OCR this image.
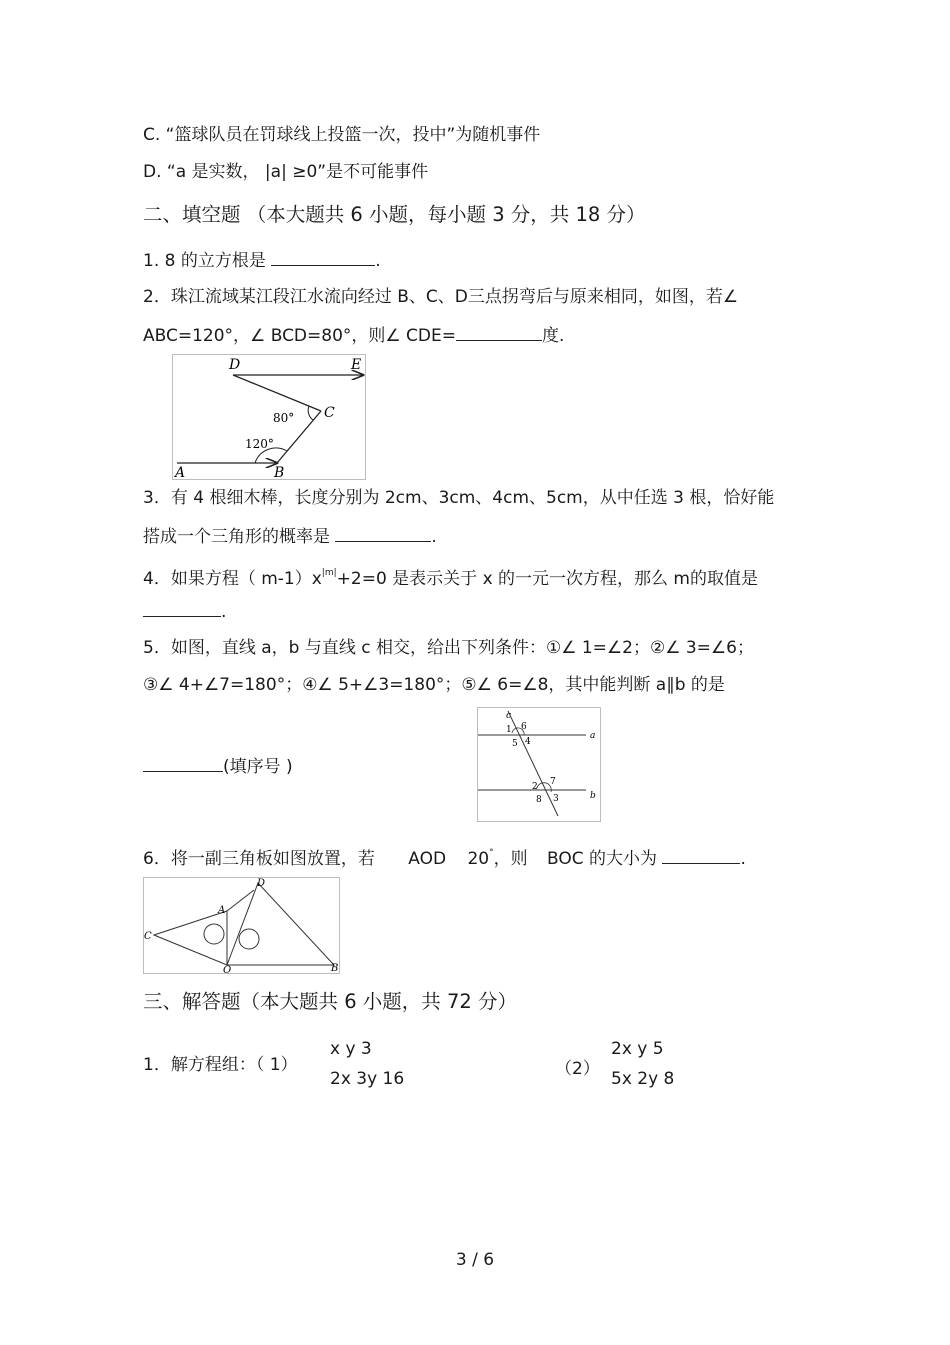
C. “篮球队员在罚球线上投篮一次，投中”为随机事件
D. “a 是实数， |a| ≥0”是不可能事件
二、填空题 （本大题共 6 小题，每小题 3 分，共 18 分）
1. 8 的立方根是	.
2．珠江流域某江段江水流向经过 B、C、D三点拐弯后与原来相同，如图，若∠
ABC=120°，∠ BCD=80°，则∠ CDE=	度.
D	E
C
A	B
80°
120°
3．有 4 根细木棒，长度分别为 2cm、3cm、4cm、5cm，从中任选 3 根，恰好能
搭成一个三角形的概率是	.
4．如果方程（ $m-1)x^{|m|}+2=0$ 是表示关于 x 的一元一次方程，那么 m的取值是
.
5．如图，直线 a，b 与直线 c 相交，给出下列条件：①∠ 1=∠2；②∠ 3=∠6；
③∠ 4+∠7=180°；④∠ 5+∠3=180°；⑤∠ 6=∠8，其中能判断 a∥b 的是
(填序号 )
c
a
b
1 6
5 4
7
2
8 3
6．将一副三角板如图放置，若 AOD 20°，则 BOC 的大小为	.
C
D
A
O	B
三、解答题（本大题共 6 小题，共 72 分）
1．解方程组：（ 1）
x y 3
2x 3y 16	（2）
2x y 5
5x 2y 8
3 / 6
